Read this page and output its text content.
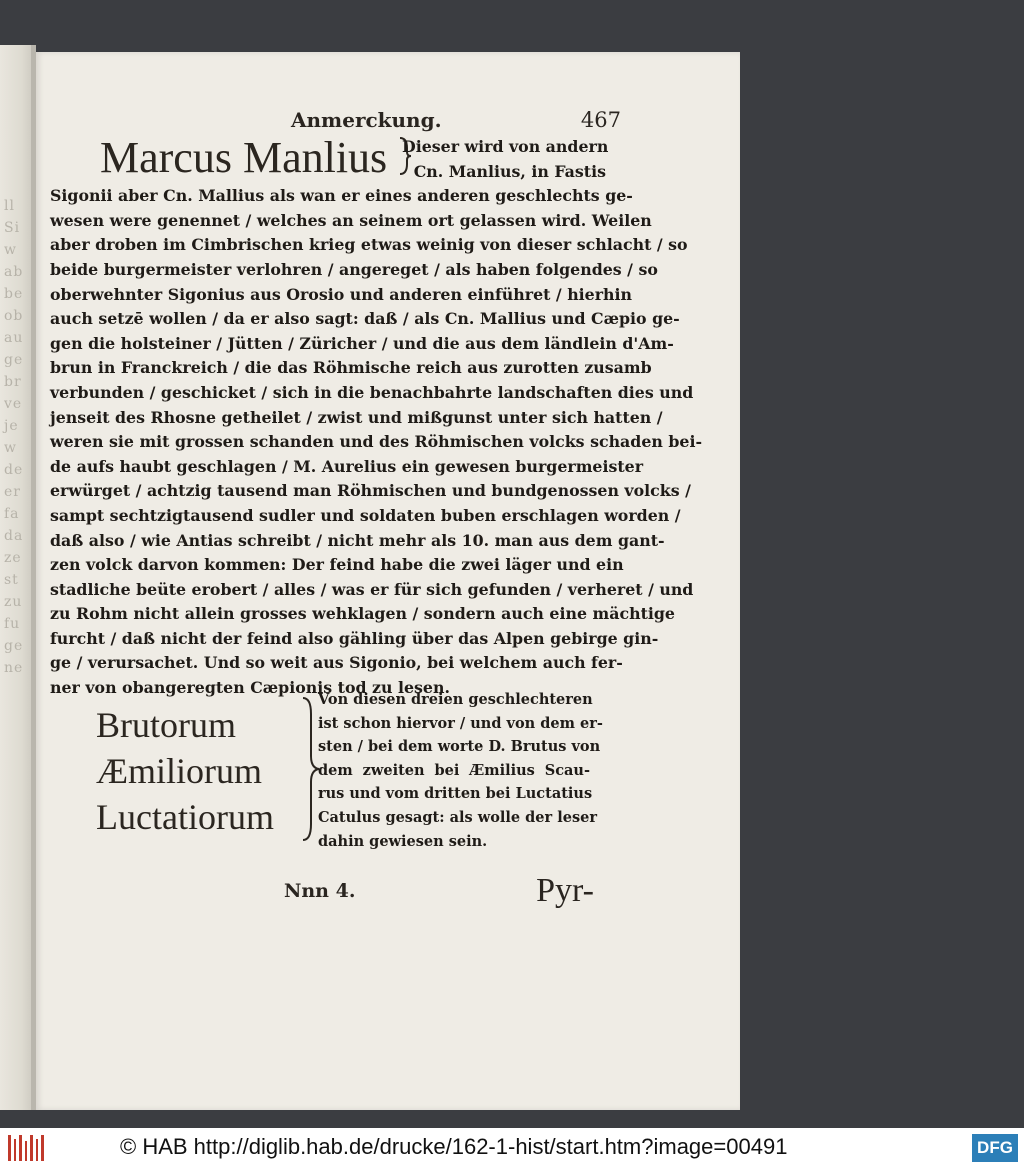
ll
Si
w
ab
be
ob
au
ge
br
ve
je
w
de
er
fa
da
ze
st
zu
fu
ge
ne
Anmerckung.	467
Marcus Manlius Dieser wird von andern
Cn. Manlius, in Fastis
Sigonii aber Cn. Mallius als wan er eines anderen geschlechts ge-
wesen were genennet / welches an seinem ort gelassen wird. Weilen
aber droben im Cimbrischen krieg etwas weinig von dieser schlacht / so
beide burgermeister verlohren / angereget / als haben folgendes / so
oberwehnter Sigonius aus Orosio und anderen einführet / hierhin
auch setzē wollen / da er also sagt: daß / als Cn. Mallius und Cæpio ge-
gen die holsteiner / Jütten / Züricher / und die aus dem ländlein d'Am-
brun in Franckreich / die das Röhmische reich aus zurotten zusamb
verbunden / geschicket / sich in die benachbahrte landschaften dies und
jenseit des Rhosne getheilet / zwist und mißgunst unter sich hatten /
weren sie mit grossen schanden und des Röhmischen volcks schaden bei-
de aufs haubt geschlagen / M. Aurelius ein gewesen burgermeister
erwürget / achtzig tausend man Röhmischen und bundgenossen volcks /
sampt sechtzigtausend sudler und soldaten buben erschlagen worden /
daß also / wie Antias schreibt / nicht mehr als 10. man aus dem gant-
zen volck darvon kommen: Der feind habe die zwei läger und ein
stadliche beüte erobert / alles / was er für sich gefunden / verheret / und
zu Rohm nicht allein grosses wehklagen / sondern auch eine mächtige
furcht / daß nicht der feind also gähling über das Alpen gebirge gin-
ge / verursachet. Und so weit aus Sigonio, bei welchem auch fer-
ner von obangeregten Cæpionis tod zu lesen.
Brutorum
Æmiliorum
Luctatiorum
Von diesen dreien geschlechteren
ist schon hiervor / und von dem er-
sten / bei dem worte D. Brutus von
dem zweiten bei Æmilius Scau-
rus und vom dritten bei Luctatius
Catulus gesagt: als wolle der leser
dahin gewiesen sein.
Nnn 4.	Pyr-
© HAB http://diglib.hab.de/drucke/162-1-hist/start.htm?image=00491	DFG
